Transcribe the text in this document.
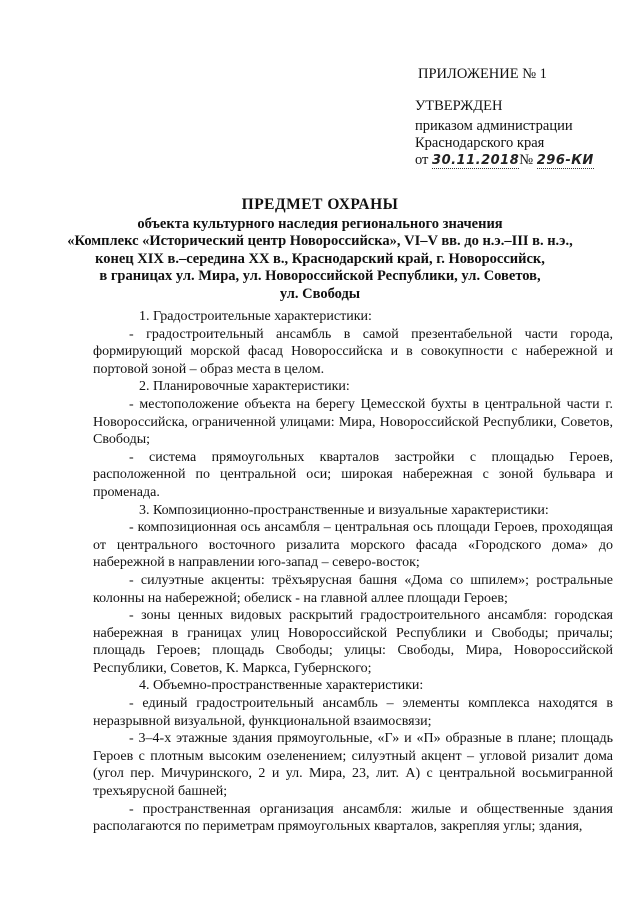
ПРИЛОЖЕНИЕ № 1
УТВЕРЖДЕН
приказом администрации
Краснодарского края
от 30.11.2018№ 296-КИ
ПРЕДМЕТ ОХРАНЫ
объекта культурного наследия регионального значения
«Комплекс «Исторический центр Новороссийска», VI–V вв. до н.э.–III в. н.э.,
конец XIX в.–середина XX в., Краснодарский край, г. Новороссийск,
в границах ул. Мира, ул. Новороссийской Республики, ул. Советов,
ул. Свободы

1. Градостроительные характеристики:

- градостроительный ансамбль в самой презентабельной части города, формирующий морской фасад Новороссийска и в совокупности с набережной и портовой зоной – образ места в целом.

2. Планировочные характеристики:

- местоположение объекта на берегу Цемесской бухты в центральной части г. Новороссийска, ограниченной улицами: Мира, Новороссийской Республики, Советов, Свободы;

- система прямоугольных кварталов застройки с площадью Героев, расположенной по центральной оси; широкая набережная с зоной бульвара и променада.

3. Композиционно-пространственные и визуальные характеристики:

- композиционная ось ансамбля – центральная ось площади Героев, проходящая от центрального восточного ризалита морского фасада «Городского дома» до набережной в направлении юго-запад – северо-восток;

- силуэтные акценты: трёхъярусная башня «Дома со шпилем»; ростральные колонны на набережной; обелиск - на главной аллее площади Героев;

- зоны ценных видовых раскрытий градостроительного ансамбля: городская набережная в границах улиц Новороссийской Республики и Свободы; причалы; площадь Героев; площадь Свободы; улицы: Свободы, Мира, Новороссийской Республики, Советов, К. Маркса, Губернского;

4. Объемно-пространственные характеристики:

- единый градостроительный ансамбль – элементы комплекса находятся в неразрывной визуальной, функциональной взаимосвязи;

- 3–4-х этажные здания прямоугольные, «Г» и «П» образные в плане; площадь Героев с плотным высоким озеленением; силуэтный акцент – угловой ризалит дома (угол пер. Мичуринского, 2 и ул. Мира, 23, лит. А) с центральной восьмигранной трехъярусной башней;

- пространственная организация ансамбля: жилые и общественные здания располагаются по периметрам прямоугольных кварталов, закрепляя углы; здания,
